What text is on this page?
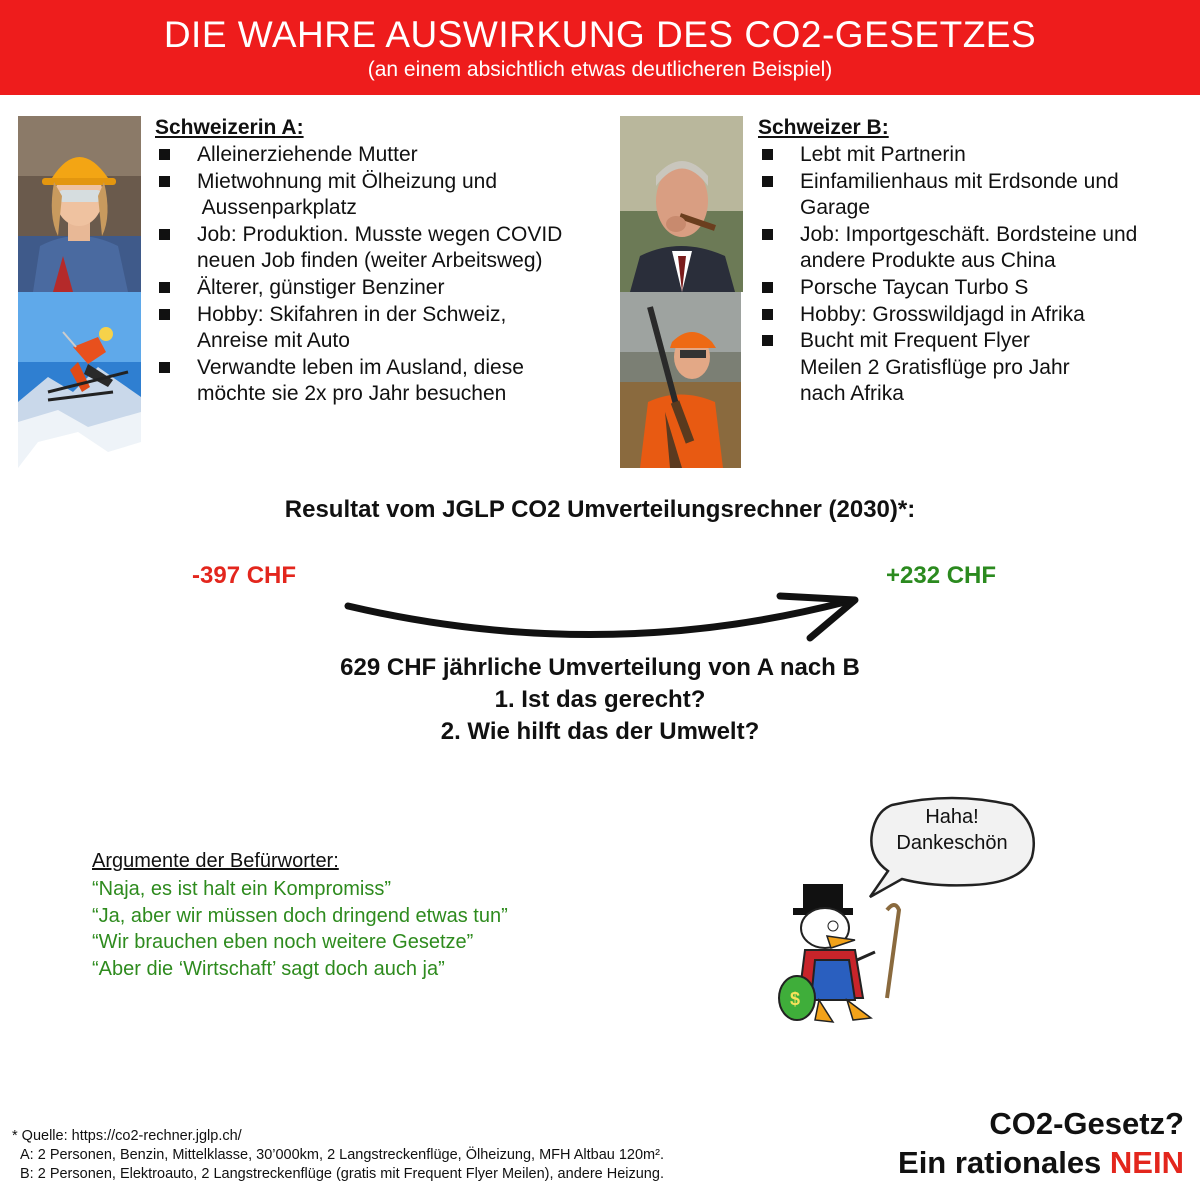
DIE WAHRE AUSWIRKUNG DES CO2-GESETZES
(an einem absichtlich etwas deutlicheren Beispiel)
Schweizerin A:
Alleinerziehende Mutter
Mietwohnung mit Ölheizung und
Aussenparkplatz
Job: Produktion. Musste wegen COVID
neuen Job finden (weiter Arbeitsweg)
Älterer, günstiger Benziner
Hobby: Skifahren in der Schweiz,
Anreise mit Auto
Verwandte leben im Ausland, diese
möchte sie 2x pro Jahr besuchen
Schweizer B:
Lebt mit Partnerin
Einfamilienhaus mit Erdsonde und
Garage
Job: Importgeschäft. Bordsteine und
andere Produkte aus China
Porsche Taycan Turbo S
Hobby: Grosswildjagd in Afrika
Bucht mit Frequent Flyer
Meilen 2 Gratisflüge pro Jahr
nach Afrika
Resultat vom JGLP CO2 Umverteilungsrechner (2030)*:
-397 CHF	+232 CHF
629 CHF jährliche Umverteilung von A nach B
1. Ist das gerecht?
2. Wie hilft das der Umwelt?
Argumente der Befürworter:
“Naja, es ist halt ein Kompromiss”
“Ja, aber wir müssen doch dringend etwas tun”
“Wir brauchen eben noch weitere Gesetze”
“Aber die ‘Wirtschaft’ sagt doch auch ja”
Haha!
Dankeschön
$
* Quelle: https://co2-rechner.jglp.ch/
A: 2 Personen, Benzin, Mittelklasse, 30’000km, 2 Langstreckenflüge, Ölheizung, MFH Altbau 120m².
B: 2 Personen, Elektroauto, 2 Langstreckenflüge (gratis mit Frequent Flyer Meilen), andere Heizung.
CO2-Gesetz?
Ein rationales NEIN
